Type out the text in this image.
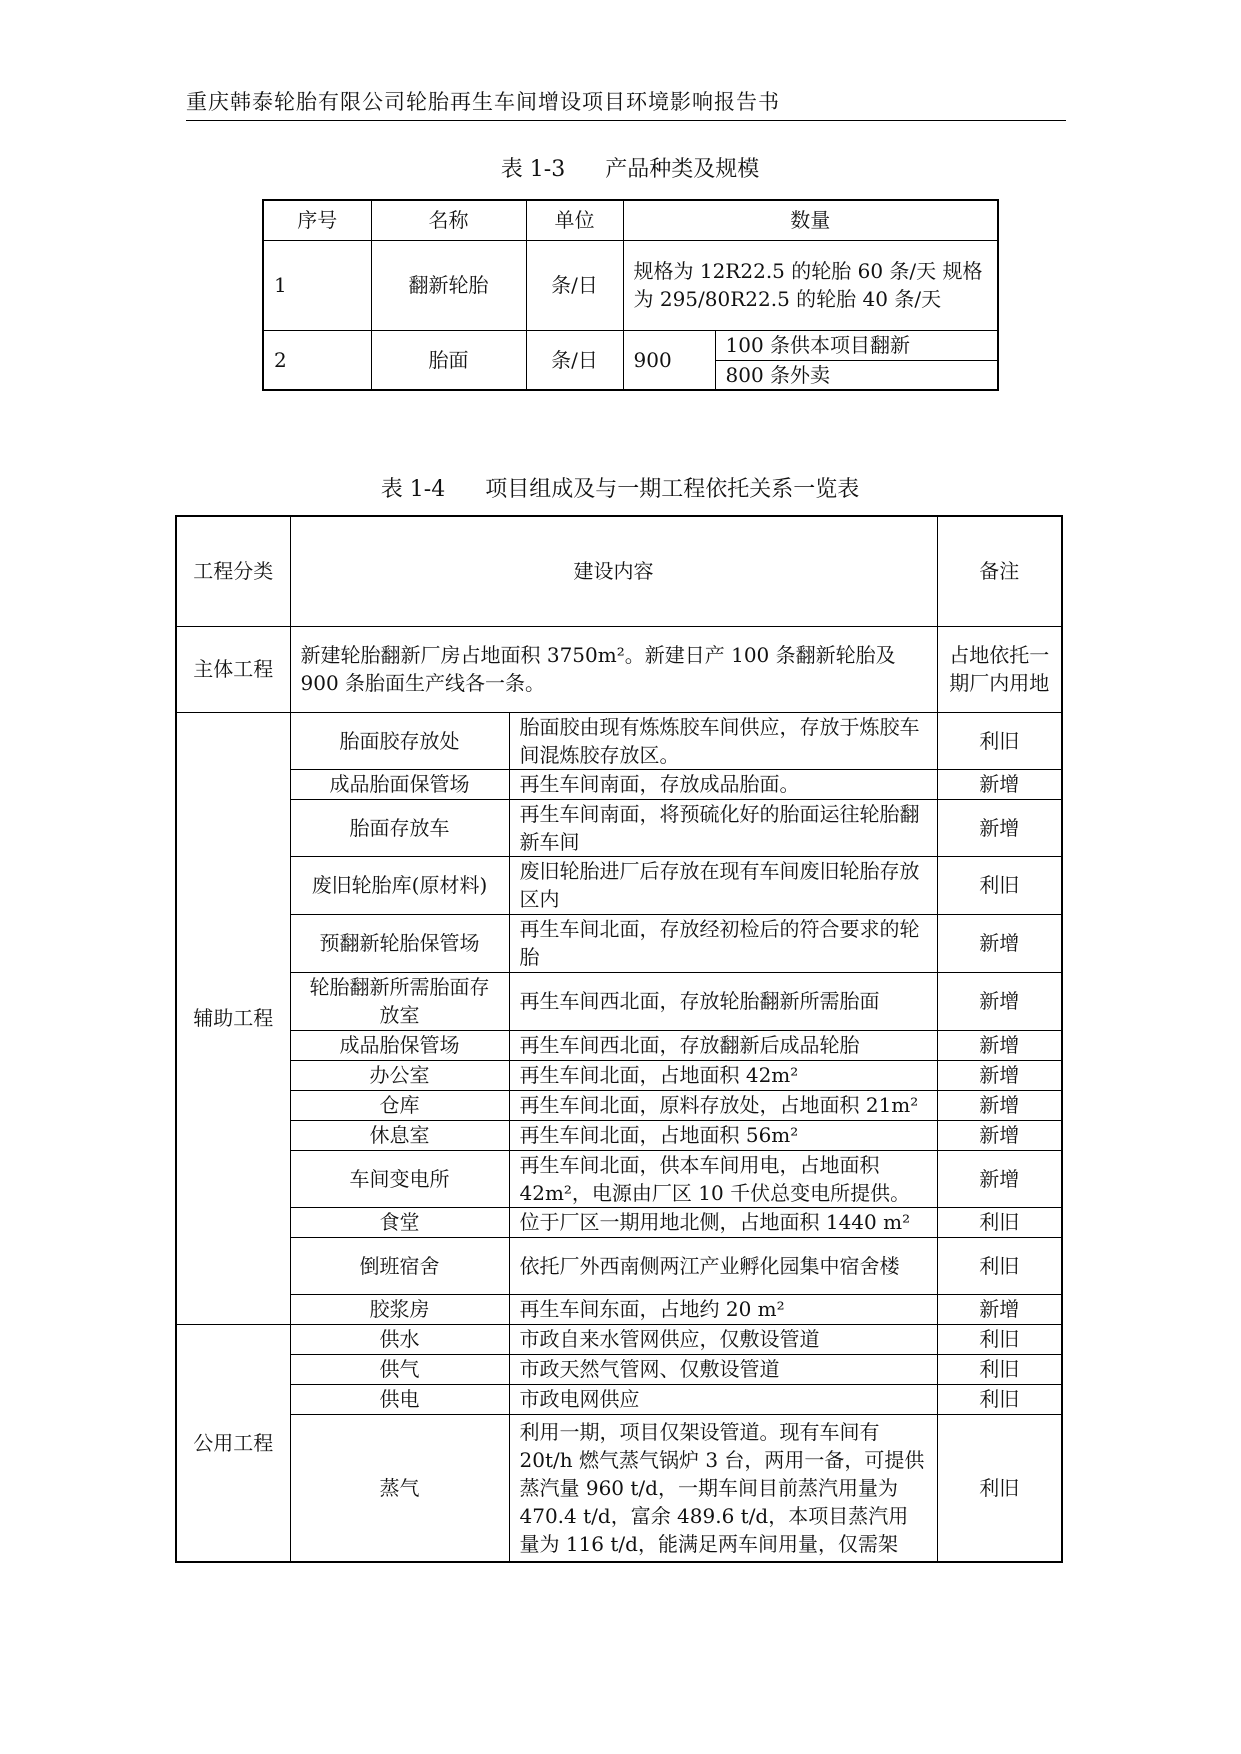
重庆韩泰轮胎有限公司轮胎再生车间增设项目环境影响报告书
表 1-3 产品种类及规模
序号	名称	单位	数量	
1	翻新轮胎	条/日	规格为 12R22.5 的轮胎 60 条/天 规格为 295/80R22.5 的轮胎 40 条/天	
2	胎面	条/日	900	100 条供本项目翻新
				800 条外卖
表 1-4 项目组成及与一期工程依托关系一览表
工程分类	建设内容		备注
主体工程	新建轮胎翻新厂房占地面积 3750m²。新建日产 100 条翻新轮胎及 900 条胎面生产线各一条。		占地依托一期厂内用地
辅助工程	胎面胶存放处	胎面胶由现有炼炼胶车间供应，存放于炼胶车间混炼胶存放区。	利旧
	成品胎面保管场	再生车间南面，存放成品胎面。	新增
	胎面存放车	再生车间南面，将预硫化好的胎面运往轮胎翻新车间	新增
	废旧轮胎库(原材料)	废旧轮胎进厂后存放在现有车间废旧轮胎存放区内	利旧
	预翻新轮胎保管场	再生车间北面，存放经初检后的符合要求的轮胎	新增
	轮胎翻新所需胎面存放室	再生车间西北面，存放轮胎翻新所需胎面	新增
	成品胎保管场	再生车间西北面，存放翻新后成品轮胎	新增
	办公室	再生车间北面，占地面积 42m²	新增
	仓库	再生车间北面，原料存放处，占地面积 21m²	新增
	休息室	再生车间北面，占地面积 56m²	新增
	车间变电所	再生车间北面，供本车间用电，占地面积 42m²，电源由厂区 10 千伏总变电所提供。	新增
	食堂	位于厂区一期用地北侧，占地面积 1440 m²	利旧
	倒班宿舍	依托厂外西南侧两江产业孵化园集中宿舍楼	利旧
	胶浆房	再生车间东面，占地约 20 m²	新增
公用工程	供水	市政自来水管网供应，仅敷设管道	利旧
	供气	市政天然气管网、仅敷设管道	利旧
	供电	市政电网供应	利旧
	蒸气	利用一期，项目仅架设管道。现有车间有 20t/h 燃气蒸气锅炉 3 台，两用一备，可提供蒸汽量 960 t/d，一期车间目前蒸汽用量为 470.4 t/d，富余 489.6 t/d，本项目蒸汽用量为 116 t/d，能满足两车间用量，仅需架	利旧
